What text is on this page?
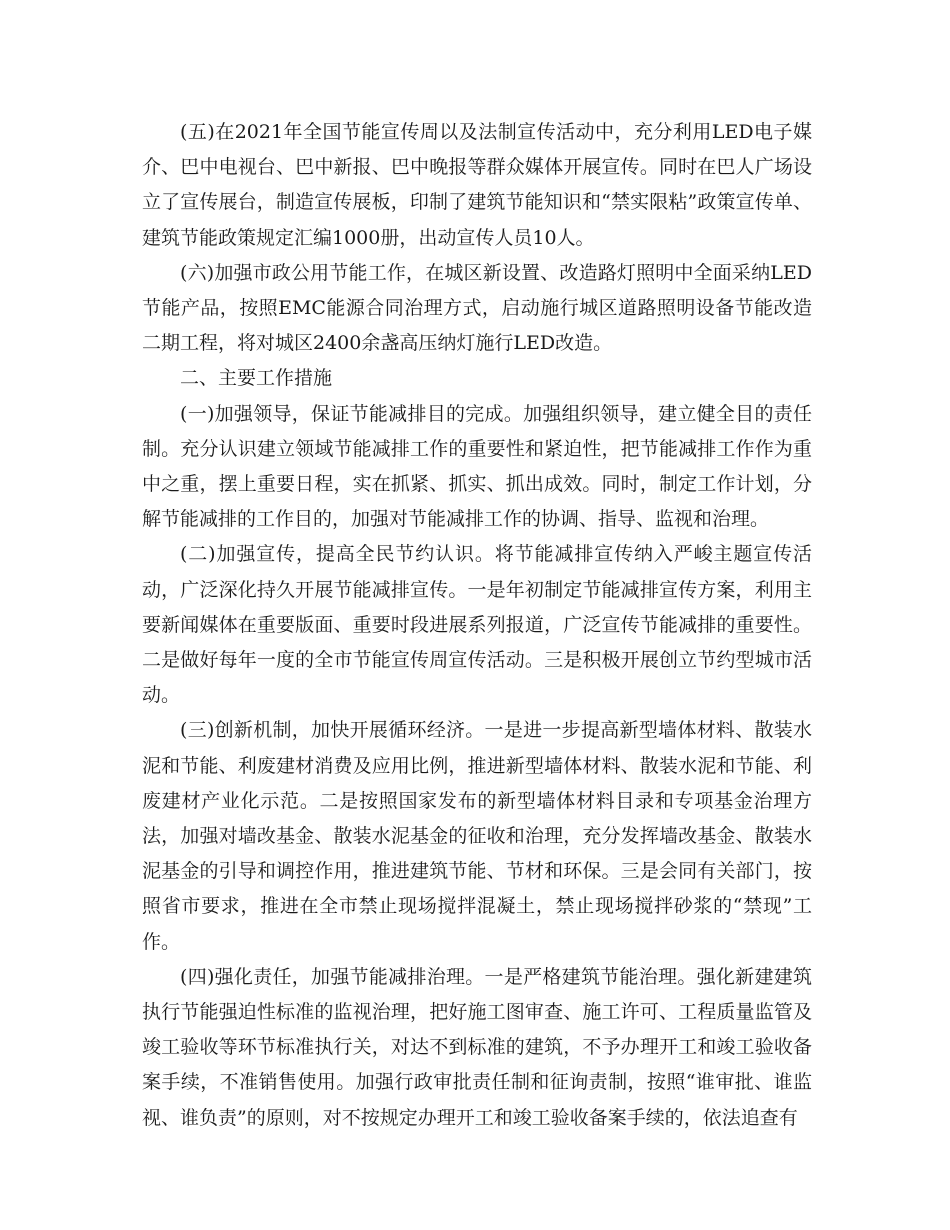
(五)在2021年全国节能宣传周以及法制宣传活动中，充分利用LED电子媒介、巴中电视台、巴中新报、巴中晚报等群众媒体开展宣传。同时在巴人广场设立了宣传展台，制造宣传展板，印制了建筑节能知识和“禁实限粘”政策宣传单、建筑节能政策规定汇编1000册，出动宣传人员10人。

(六)加强市政公用节能工作，在城区新设置、改造路灯照明中全面采纳LED节能产品，按照EMC能源合同治理方式，启动施行城区道路照明设备节能改造二期工程，将对城区2400余盏高压纳灯施行LED改造。

二、主要工作措施

(一)加强领导，保证节能减排目的完成。加强组织领导，建立健全目的责任制。充分认识建立领域节能减排工作的重要性和紧迫性，把节能减排工作作为重中之重，摆上重要日程，实在抓紧、抓实、抓出成效。同时，制定工作计划，分解节能减排的工作目的，加强对节能减排工作的协调、指导、监视和治理。

(二)加强宣传，提高全民节约认识。将节能减排宣传纳入严峻主题宣传活动，广泛深化持久开展节能减排宣传。一是年初制定节能减排宣传方案，利用主要新闻媒体在重要版面、重要时段进展系列报道，广泛宣传节能减排的重要性。二是做好每年一度的全市节能宣传周宣传活动。三是积极开展创立节约型城市活动。

(三)创新机制，加快开展循环经济。一是进一步提高新型墙体材料、散装水泥和节能、利废建材消费及应用比例，推进新型墙体材料、散装水泥和节能、利废建材产业化示范。二是按照国家发布的新型墙体材料目录和专项基金治理方法，加强对墙改基金、散装水泥基金的征收和治理，充分发挥墙改基金、散装水泥基金的引导和调控作用，推进建筑节能、节材和环保。三是会同有关部门，按照省市要求，推进在全市禁止现场搅拌混凝土，禁止现场搅拌砂浆的“禁现”工作。

(四)强化责任，加强节能减排治理。一是严格建筑节能治理。强化新建建筑执行节能强迫性标准的监视治理，把好施工图审查、施工许可、工程质量监管及竣工验收等环节标准执行关，对达不到标准的建筑，不予办理开工和竣工验收备案手续，不准销售使用。加强行政审批责任制和征询责制，按照“谁审批、谁监视、谁负责”的原则，对不按规定办理开工和竣工验收备案手续的，依法追查有
